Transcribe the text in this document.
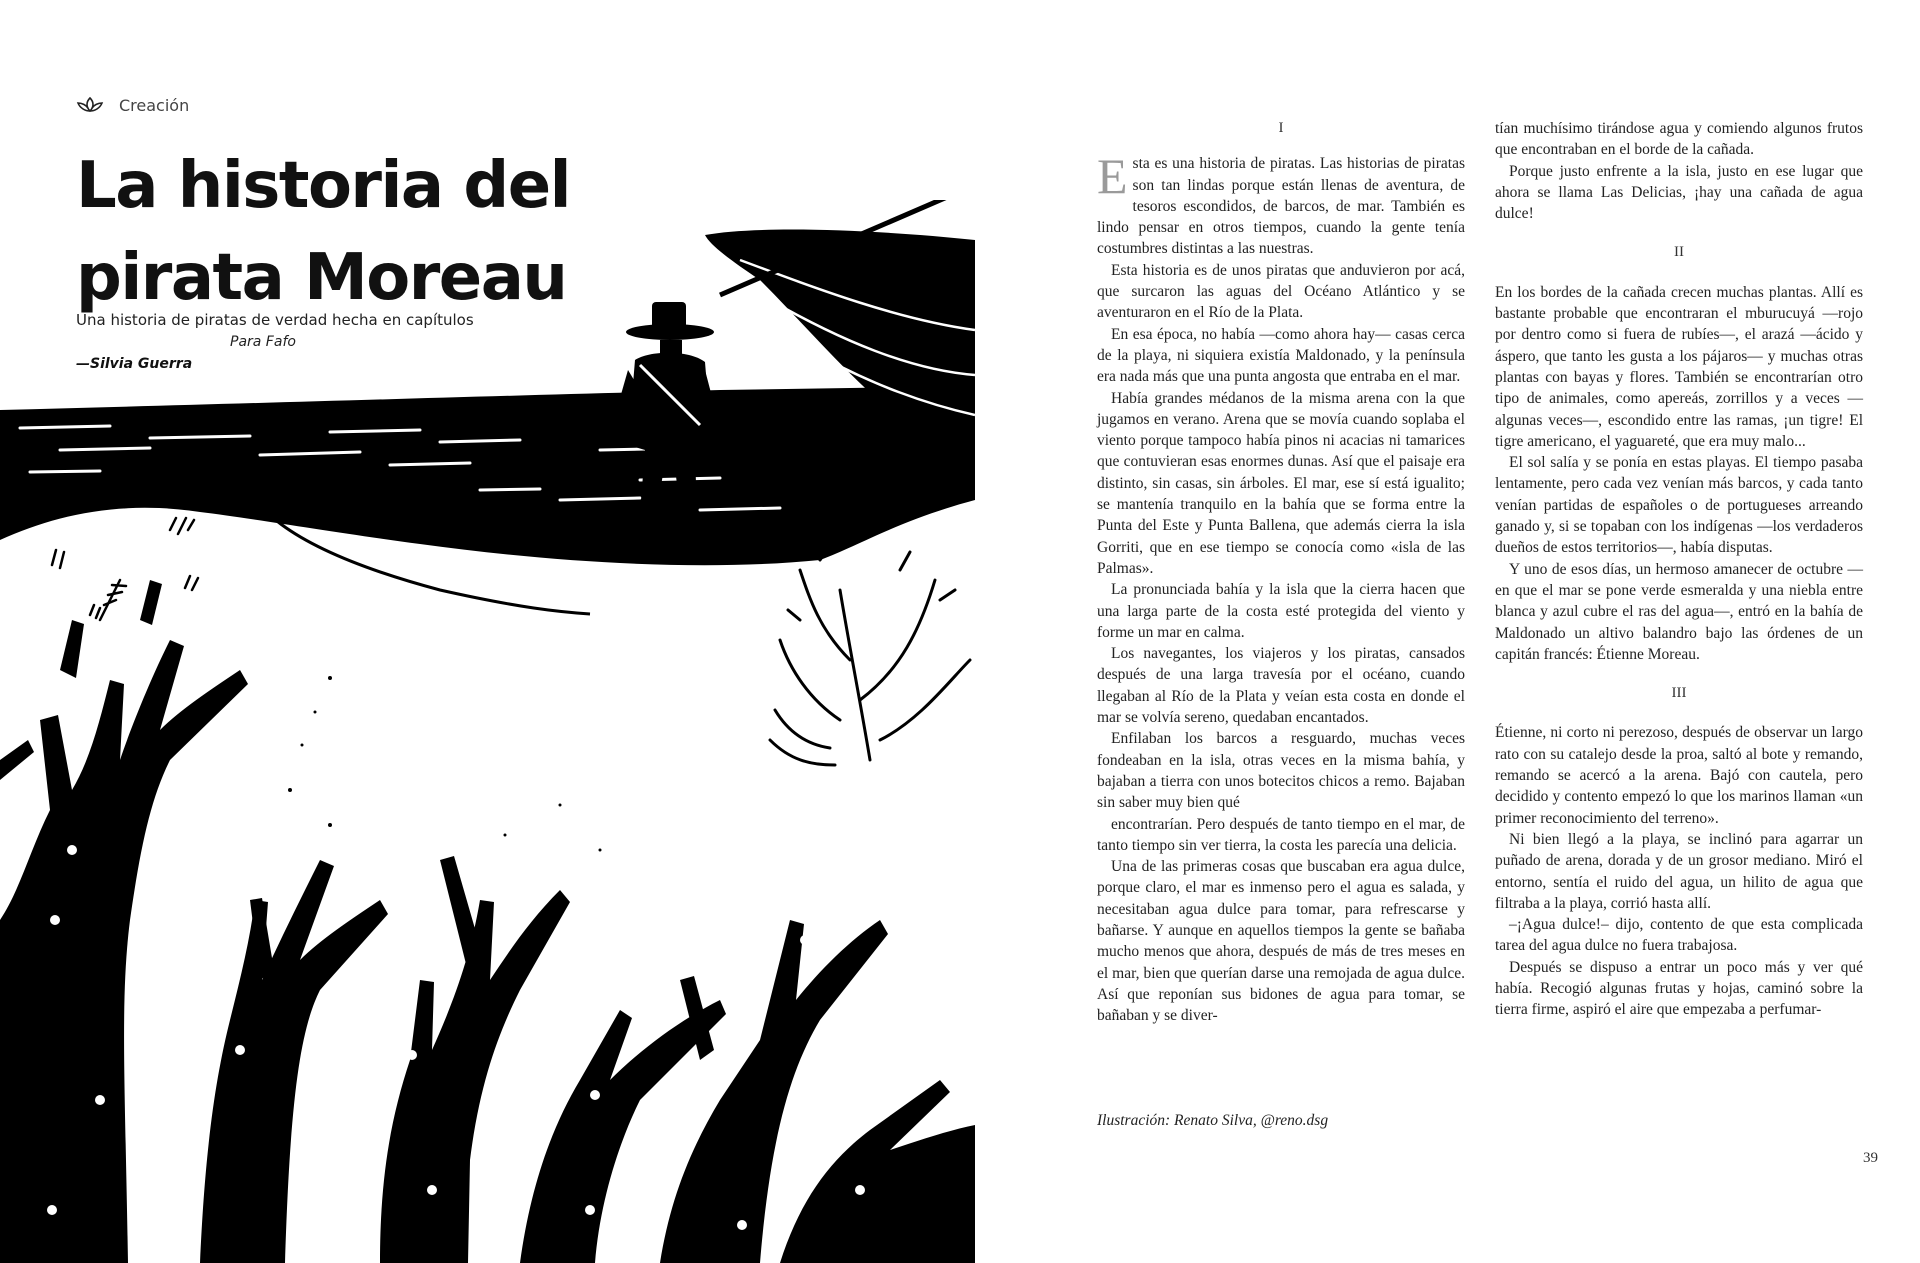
Creación
La historia del
pirata Moreau
Una historia de piratas de verdad hecha en capítulos
Para Fafo
—Silvia Guerra

I

Esta es una historia de piratas. Las historias de piratas son tan lindas porque están llenas de aventura, de tesoros escondidos, de barcos, de mar. También es lindo pensar en otros tiempos, cuando la gente tenía costumbres distintas a las nuestras.

Esta historia es de unos piratas que anduvieron por acá, que surcaron las aguas del Océano Atlántico y se aventuraron en el Río de la Plata.

En esa época, no había —como ahora hay— casas cerca de la playa, ni siquiera existía Maldonado, y la península era nada más que una punta angosta que entraba en el mar.

Había grandes médanos de la misma arena con la que jugamos en verano. Arena que se movía cuando soplaba el viento porque tampoco había pinos ni acacias ni tamarices que contuvieran esas enormes dunas. Así que el paisaje era distinto, sin casas, sin árboles. El mar, ese sí está igualito; se mantenía tranquilo en la bahía que se forma entre la Punta del Este y Punta Ballena, que además cierra la isla Gorriti, que en ese tiempo se conocía como «isla de las Palmas».

La pronunciada bahía y la isla que la cierra hacen que una larga parte de la costa esté protegida del viento y forme un mar en calma.

Los navegantes, los viajeros y los piratas, cansados después de una larga travesía por el océano, cuando llegaban al Río de la Plata y veían esta costa en donde el mar se volvía sereno, quedaban encantados.

Enfilaban los barcos a resguardo, muchas veces fondeaban en la isla, otras veces en la misma bahía, y bajaban a tierra con unos botecitos chicos a remo. Bajaban sin saber muy bien qué

encontrarían. Pero después de tanto tiempo en el mar, de tanto tiempo sin ver tierra, la costa les parecía una delicia.

Una de las primeras cosas que buscaban era agua dulce, porque claro, el mar es inmenso pero el agua es salada, y necesitaban agua dulce para tomar, para refrescarse y bañarse. Y aunque en aquellos tiempos la gente se bañaba mucho menos que ahora, después de más de tres meses en el mar, bien que querían darse una remojada de agua dulce. Así que reponían sus bidones de agua para tomar, se bañaban y se diver-

Ilustración: Renato Silva, @reno.dsg

tían muchísimo tirándose agua y comiendo algunos frutos que encontraban en el borde de la cañada.

Porque justo enfrente a la isla, justo en ese lugar que ahora se llama Las Delicias, ¡hay una cañada de agua dulce!

II

En los bordes de la cañada crecen muchas plantas. Allí es bastante probable que encontraran el mburucuyá —rojo por dentro como si fuera de rubíes—, el arazá —ácido y áspero, que tanto les gusta a los pájaros— y muchas otras plantas con bayas y flores. También se encontrarían otro tipo de animales, como apereás, zorrillos y a veces —algunas veces—, escondido entre las ramas, ¡un tigre! El tigre americano, el yaguareté, que era muy malo...

El sol salía y se ponía en estas playas. El tiempo pasaba lentamente, pero cada vez venían más barcos, y cada tanto venían partidas de españoles o de portugueses arreando ganado y, si se topaban con los indígenas —los verdaderos dueños de estos territorios—, había disputas.

Y uno de esos días, un hermoso amanecer de octubre —en que el mar se pone verde esmeralda y una niebla entre blanca y azul cubre el ras del agua—, entró en la bahía de Maldonado un altivo balandro bajo las órdenes de un capitán francés: Étienne Moreau.

III

Étienne, ni corto ni perezoso, después de observar un largo rato con su catalejo desde la proa, saltó al bote y remando, remando se acercó a la arena. Bajó con cautela, pero decidido y contento empezó lo que los marinos llaman «un primer reconocimiento del terreno».

Ni bien llegó a la playa, se inclinó para agarrar un puñado de arena, dorada y de un grosor mediano. Miró el entorno, sentía el ruido del agua, un hilito de agua que filtraba a la playa, corrió hasta allí.

–¡Agua dulce!– dijo, contento de que esta complicada tarea del agua dulce no fuera trabajosa.

Después se dispuso a entrar un poco más y ver qué había. Recogió algunas frutas y hojas, caminó sobre la tierra firme, aspiró el aire que empezaba a perfumar-

39
